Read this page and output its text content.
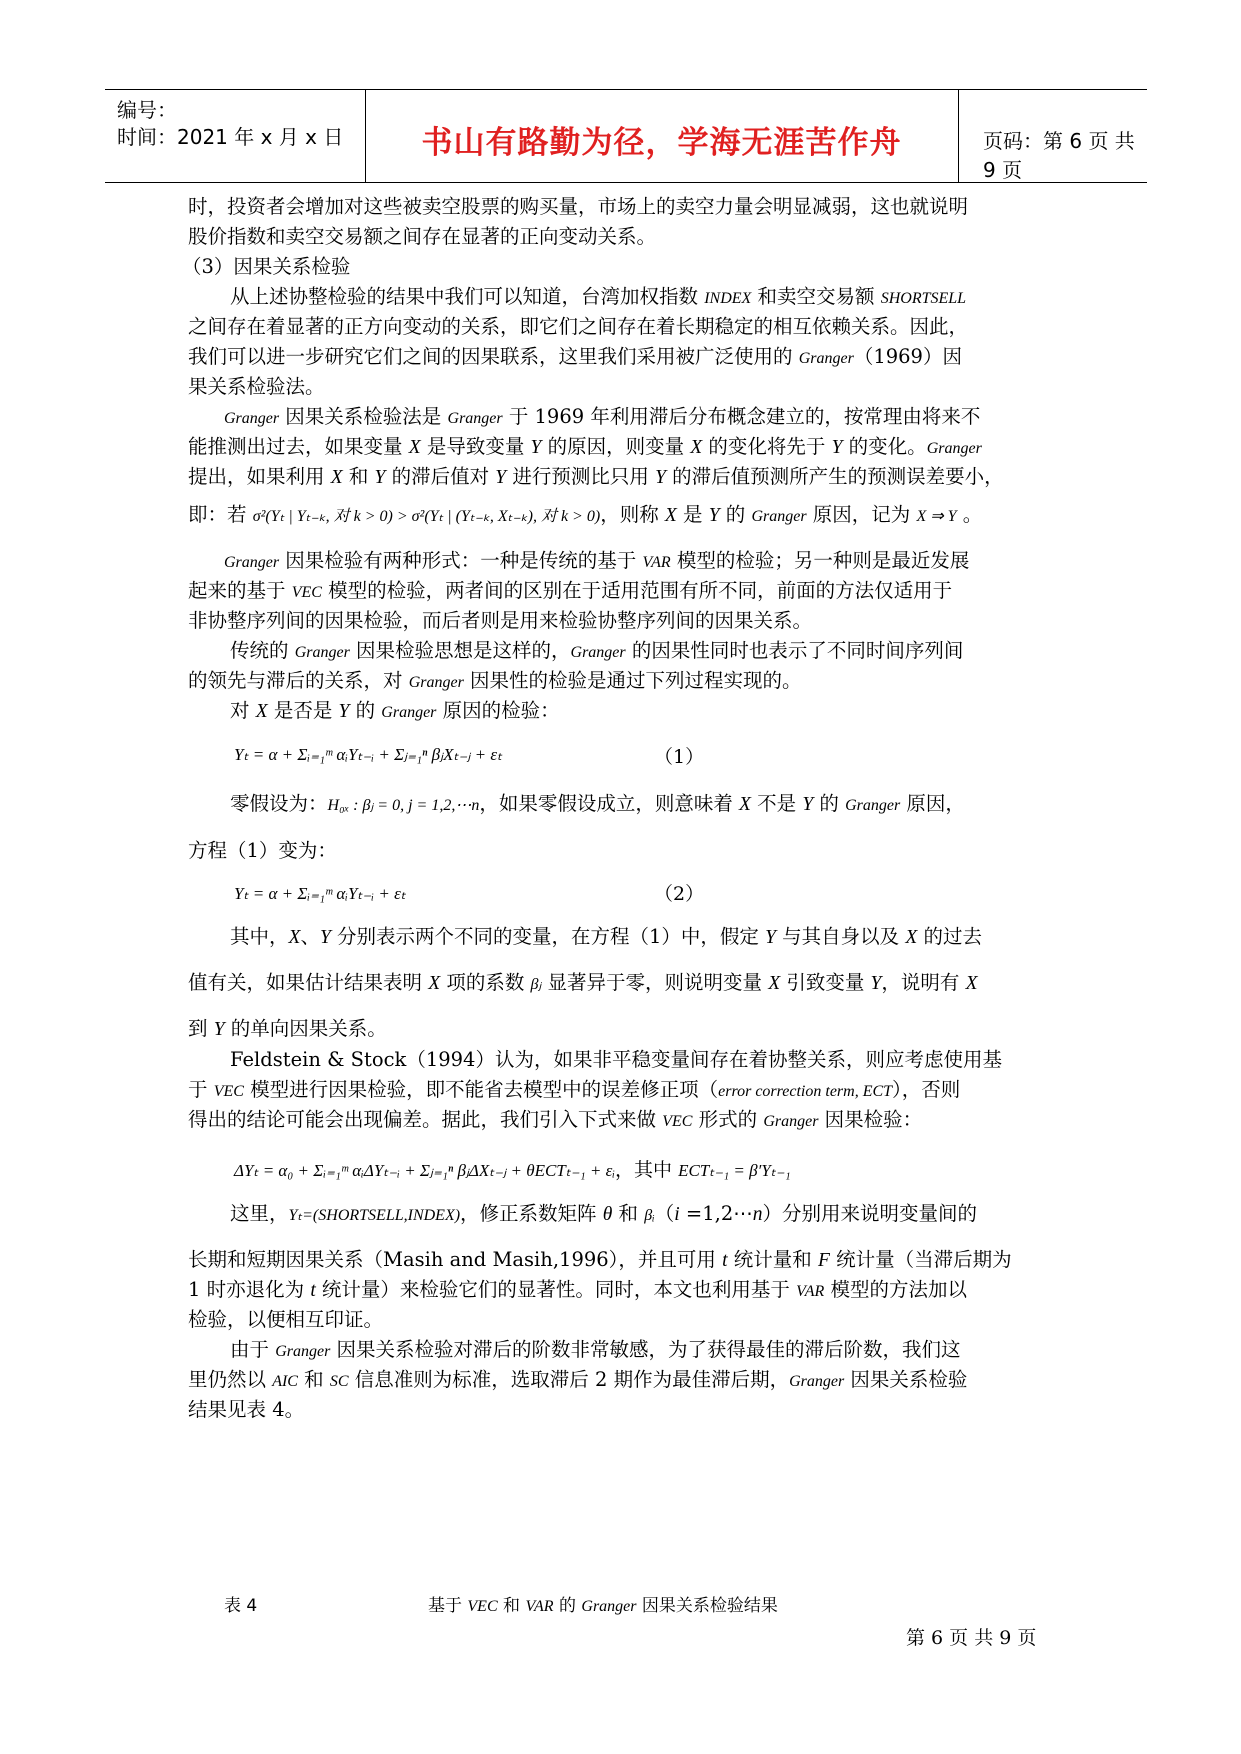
编号：
时间：2021 年 x 月 x 日	书山有路勤为径，学海无涯苦作舟	页码：第 6 页 共 9 页
时，投资者会增加对这些被卖空股票的购买量，市场上的卖空力量会明显减弱，这也就说明
股价指数和卖空交易额之间存在显著的正向变动关系。
（3）因果关系检验
从上述协整检验的结果中我们可以知道，台湾加权指数 INDEX 和卖空交易额 SHORTSELL
之间存在着显著的正方向变动的关系，即它们之间存在着长期稳定的相互依赖关系。因此，
我们可以进一步研究它们之间的因果联系，这里我们采用被广泛使用的 Granger（1969）因
果关系检验法。
Granger 因果关系检验法是 Granger 于 1969 年利用滞后分布概念建立的，按常理由将来不
能推测出过去，如果变量 X 是导致变量 Y 的原因，则变量 X 的变化将先于 Y 的变化。Granger
提出，如果利用 X 和 Y 的滞后值对 Y 进行预测比只用 Y 的滞后值预测所产生的预测误差要小，
即：若 σ²(Yₜ | Yₜ₋ₖ, 对 k > 0) > σ²(Yₜ | (Yₜ₋ₖ, Xₜ₋ₖ), 对 k > 0)，则称 X 是 Y 的 Granger 原因，记为 X ⇒ Y 。
Granger 因果检验有两种形式：一种是传统的基于 VAR 模型的检验；另一种则是最近发展
起来的基于 VEC 模型的检验，两者间的区别在于适用范围有所不同，前面的方法仅适用于
非协整序列间的因果检验，而后者则是用来检验协整序列间的因果关系。
传统的 Granger 因果检验思想是这样的，Granger 的因果性同时也表示了不同时间序列间
的领先与滞后的关系，对 Granger 因果性的检验是通过下列过程实现的。
对 X 是否是 Y 的 Granger 原因的检验：
Yₜ = α + Σᵢ₌₁ᵐ αᵢYₜ₋ᵢ + Σⱼ₌₁ⁿ βⱼXₜ₋ⱼ + εₜ	（1）
零假设为：H₀ₓ : βⱼ = 0, j = 1,2,⋯n，如果零假设成立，则意味着 X 不是 Y 的 Granger 原因，
方程（1）变为：
Yₜ = α + Σᵢ₌₁ᵐ αᵢYₜ₋ᵢ + εₜ	（2）
其中，X、Y 分别表示两个不同的变量，在方程（1）中，假定 Y 与其自身以及 X 的过去
值有关，如果估计结果表明 X 项的系数 βⱼ 显著异于零，则说明变量 X 引致变量 Y，说明有 X
到 Y 的单向因果关系。
Feldstein & Stock（1994）认为，如果非平稳变量间存在着协整关系，则应考虑使用基
于 VEC 模型进行因果检验，即不能省去模型中的误差修正项（error correction term, ECT），否则
得出的结论可能会出现偏差。据此，我们引入下式来做 VEC 形式的 Granger 因果检验：
ΔYₜ = α₀ + Σᵢ₌₁ᵐ αᵢΔYₜ₋ᵢ + Σⱼ₌₁ⁿ βⱼΔXₜ₋ⱼ + θECTₜ₋₁ + εᵢ，其中 ECTₜ₋₁ = β′Yₜ₋₁
这里，Yₜ=(SHORTSELL,INDEX)，修正系数矩阵 θ 和 βᵢ（i =1,2⋯n）分别用来说明变量间的
长期和短期因果关系（Masih and Masih,1996），并且可用 t 统计量和 F 统计量（当滞后期为
1 时亦退化为 t 统计量）来检验它们的显著性。同时，本文也利用基于 VAR 模型的方法加以
检验，以便相互印证。
由于 Granger 因果关系检验对滞后的阶数非常敏感，为了获得最佳的滞后阶数，我们这
里仍然以 AIC 和 SC 信息准则为标准，选取滞后 2 期作为最佳滞后期，Granger 因果关系检验
结果见表 4。
表 4	基于 VEC 和 VAR 的 Granger 因果关系检验结果
第 6 页 共 9 页
